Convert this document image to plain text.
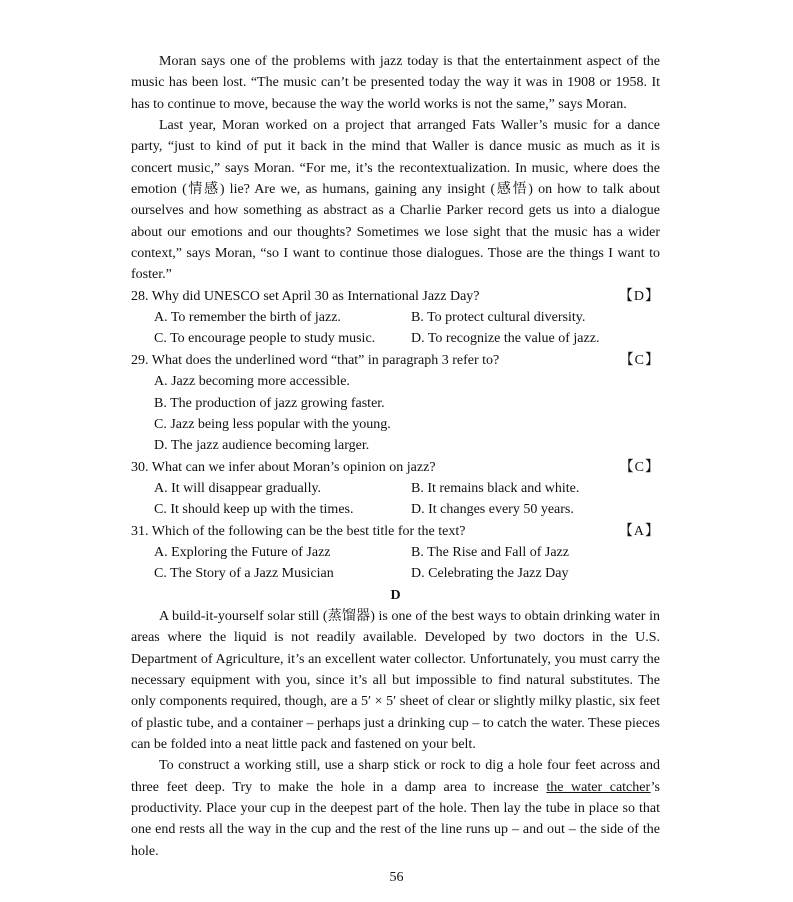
Moran says one of the problems with jazz today is that the entertainment aspect of the music has been lost. “The music can’t be presented today the way it was in 1908 or 1958. It has to continue to move, because the way the world works is not the same,” says Moran.

Last year, Moran worked on a project that arranged Fats Waller’s music for a dance party, “just to kind of put it back in the mind that Waller is dance music as much as it is concert music,” says Moran. “For me, it’s the recontextualization. In music, where does the emotion (情感) lie? Are we, as humans, gaining any insight (感悟) on how to talk about ourselves and how something as abstract as a Charlie Parker record gets us into a dialogue about our emotions and our thoughts? Sometimes we lose sight that the music has a wider context,” says Moran, “so I want to continue those dialogues. Those are the things I want to foster.”

28. Why did UNESCO set April 30 as International Jazz Day?	【D】
A. To remember the birth of jazz.	B. To protect cultural diversity.
C. To encourage people to study music.	D. To recognize the value of jazz.
29. What does the underlined word “that” in paragraph 3 refer to?	【C】
A. Jazz becoming more accessible.
B. The production of jazz growing faster.
C. Jazz being less popular with the young.
D. The jazz audience becoming larger.
30. What can we infer about Moran’s opinion on jazz?	【C】
A. It will disappear gradually.	B. It remains black and white.
C. It should keep up with the times.	D. It changes every 50 years.
31. Which of the following can be the best title for the text?	【A】
A. Exploring the Future of Jazz	B. The Rise and Fall of Jazz
C. The Story of a Jazz Musician	D. Celebrating the Jazz Day
D

A build-it-yourself solar still (蒸馏器) is one of the best ways to obtain drinking water in areas where the liquid is not readily available. Developed by two doctors in the U.S. Department of Agriculture, it’s an excellent water collector. Unfortunately, you must carry the necessary equipment with you, since it’s all but impossible to find natural substitutes. The only components required, though, are a 5′ × 5′ sheet of clear or slightly milky plastic, six feet of plastic tube, and a container – perhaps just a drinking cup – to catch the water. These pieces can be folded into a neat little pack and fastened on your belt.

To construct a working still, use a sharp stick or rock to dig a hole four feet across and three feet deep. Try to make the hole in a damp area to increase the water catcher’s productivity. Place your cup in the deepest part of the hole. Then lay the tube in place so that one end rests all the way in the cup and the rest of the line runs up – and out – the side of the hole.

56
